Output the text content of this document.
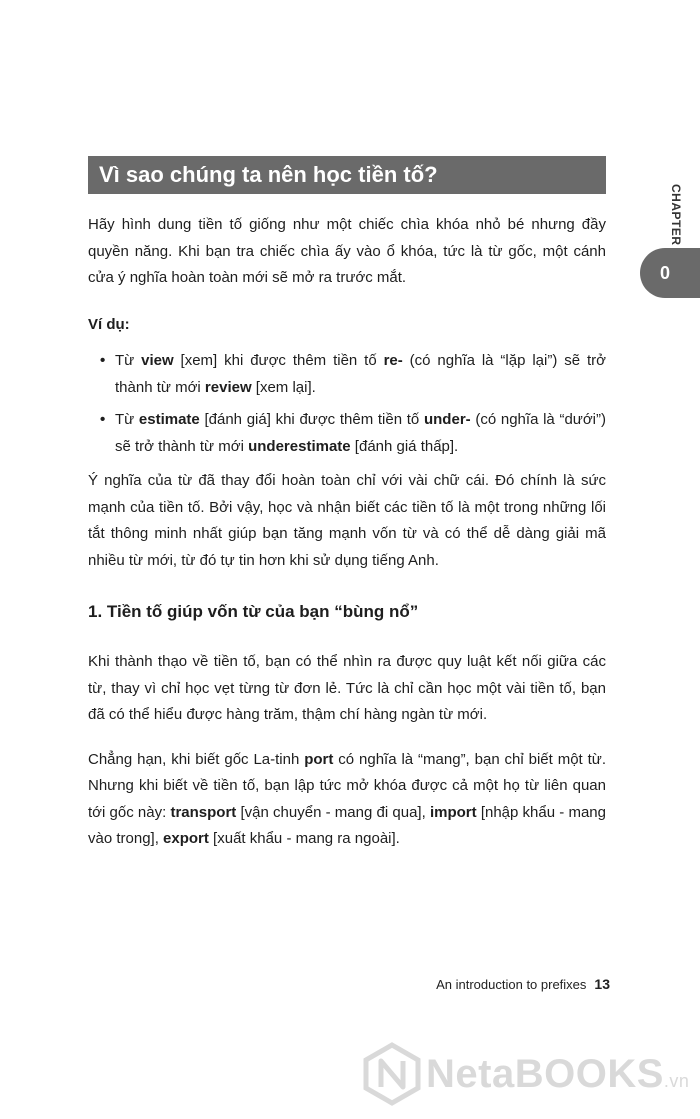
Vì sao chúng ta nên học tiền tố?
CHAPTER
0

Hãy hình dung tiền tố giống như một chiếc chìa khóa nhỏ bé nhưng đầy quyền năng. Khi bạn tra chiếc chìa ấy vào ổ khóa, tức là từ gốc, một cánh cửa ý nghĩa hoàn toàn mới sẽ mở ra trước mắt.

Ví dụ:

• Từ view [xem] khi được thêm tiền tố re- (có nghĩa là “lặp lại”) sẽ trở thành từ mới review [xem lại].
• Từ estimate [đánh giá] khi được thêm tiền tố under- (có nghĩa là “dưới”) sẽ trở thành từ mới underestimate [đánh giá thấp].

Ý nghĩa của từ đã thay đổi hoàn toàn chỉ với vài chữ cái. Đó chính là sức mạnh của tiền tố. Bởi vậy, học và nhận biết các tiền tố là một trong những lối tắt thông minh nhất giúp bạn tăng mạnh vốn từ và có thể dễ dàng giải mã nhiều từ mới, từ đó tự tin hơn khi sử dụng tiếng Anh.

1. Tiền tố giúp vốn từ của bạn “bùng nổ”

Khi thành thạo về tiền tố, bạn có thể nhìn ra được quy luật kết nối giữa các từ, thay vì chỉ học vẹt từng từ đơn lẻ. Tức là chỉ cần học một vài tiền tố, bạn đã có thể hiểu được hàng trăm, thậm chí hàng ngàn từ mới.

Chẳng hạn, khi biết gốc La-tinh port có nghĩa là “mang”, bạn chỉ biết một từ. Nhưng khi biết về tiền tố, bạn lập tức mở khóa được cả một họ từ liên quan tới gốc này: transport [vận chuyển - mang đi qua], import [nhập khẩu - mang vào trong], export [xuất khẩu - mang ra ngoài].

An introduction to prefixes 13
NetaBOOKS.vn
